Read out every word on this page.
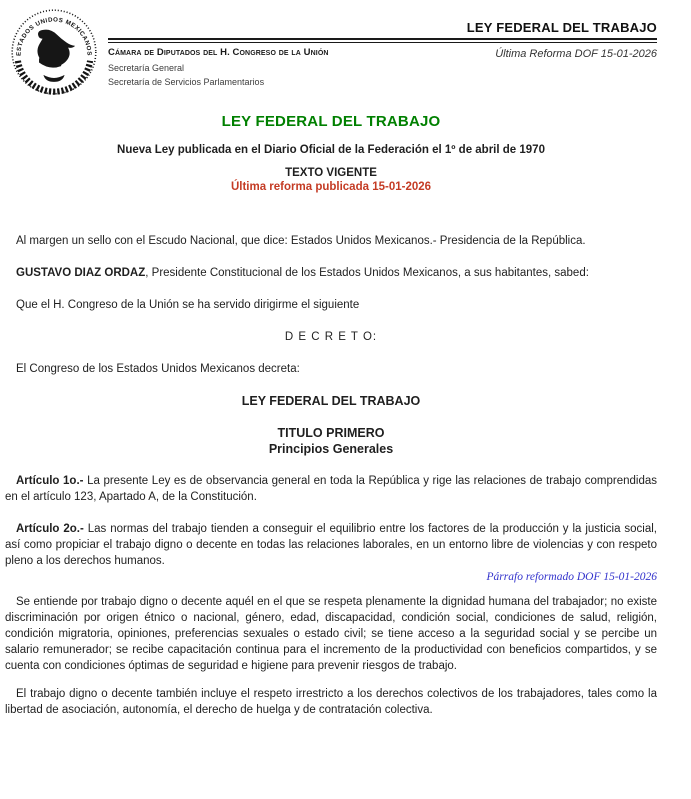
ESTADOS UNIDOS MEXICANOS
LEY FEDERAL DEL TRABAJO
Cámara de Diputados del H. Congreso de la Unión
Secretaría General
Secretaría de Servicios Parlamentarios
Última Reforma DOF 15-01-2026
LEY FEDERAL DEL TRABAJO
Nueva Ley publicada en el Diario Oficial de la Federación el 1º de abril de 1970
TEXTO VIGENTE
Última reforma publicada 15-01-2026

Al margen un sello con el Escudo Nacional, que dice: Estados Unidos Mexicanos.- Presidencia de la República.

GUSTAVO DIAZ ORDAZ, Presidente Constitucional de los Estados Unidos Mexicanos, a sus habitantes, sabed:

Que el H. Congreso de la Unión se ha servido dirigirme el siguiente

D E C R E T O:

El Congreso de los Estados Unidos Mexicanos decreta:

LEY FEDERAL DEL TRABAJO
TITULO PRIMERO
Principios Generales

Artículo 1o.- La presente Ley es de observancia general en toda la República y rige las relaciones de trabajo comprendidas en el artículo 123, Apartado A, de la Constitución.

Artículo 2o.- Las normas del trabajo tienden a conseguir el equilibrio entre los factores de la producción y la justicia social, así como propiciar el trabajo digno o decente en todas las relaciones laborales, en un entorno libre de violencias y con respeto pleno a los derechos humanos.

Párrafo reformado DOF 15-01-2026

Se entiende por trabajo digno o decente aquél en el que se respeta plenamente la dignidad humana del trabajador; no existe discriminación por origen étnico o nacional, género, edad, discapacidad, condición social, condiciones de salud, religión, condición migratoria, opiniones, preferencias sexuales o estado civil; se tiene acceso a la seguridad social y se percibe un salario remunerador; se recibe capacitación continua para el incremento de la productividad con beneficios compartidos, y se cuenta con condiciones óptimas de seguridad e higiene para prevenir riesgos de trabajo.

El trabajo digno o decente también incluye el respeto irrestricto a los derechos colectivos de los trabajadores, tales como la libertad de asociación, autonomía, el derecho de huelga y de contratación colectiva.
